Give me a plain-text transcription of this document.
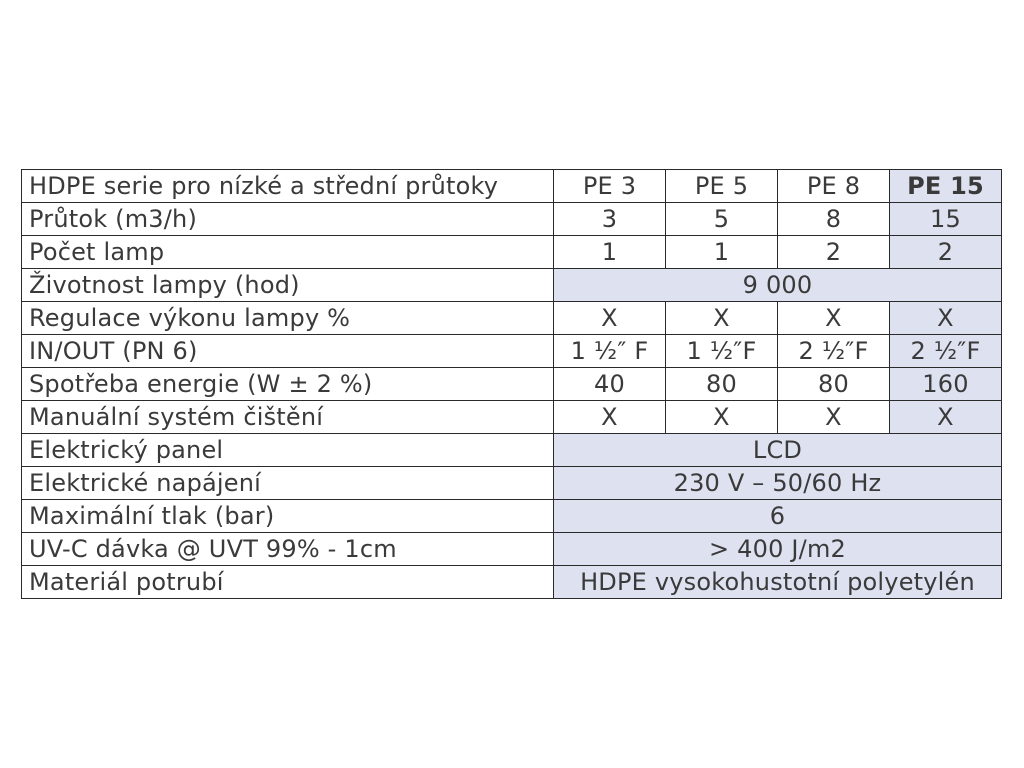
HDPE serie pro nízké a střední průtoky	PE 3	PE 5	PE 8	PE 15
Průtok (m3/h)	3	5	8	15
Počet lamp	1	1	2	2
Životnost lampy (hod)	9 000			
Regulace výkonu lampy %	X	X	X	X
IN/OUT (PN 6)	1 ½″ F	1 ½″F	2 ½″F	2 ½″F
Spotřeba energie (W ± 2 %)	40	80	80	160
Manuální systém čištění	X	X	X	X
Elektrický panel	LCD			
Elektrické napájení	230 V – 50/60 Hz			
Maximální tlak (bar)	6			
UV-C dávka @ UVT 99% - 1cm	> 400 J/m2			
Materiál potrubí	HDPE vysokohustotní polyetylén			
